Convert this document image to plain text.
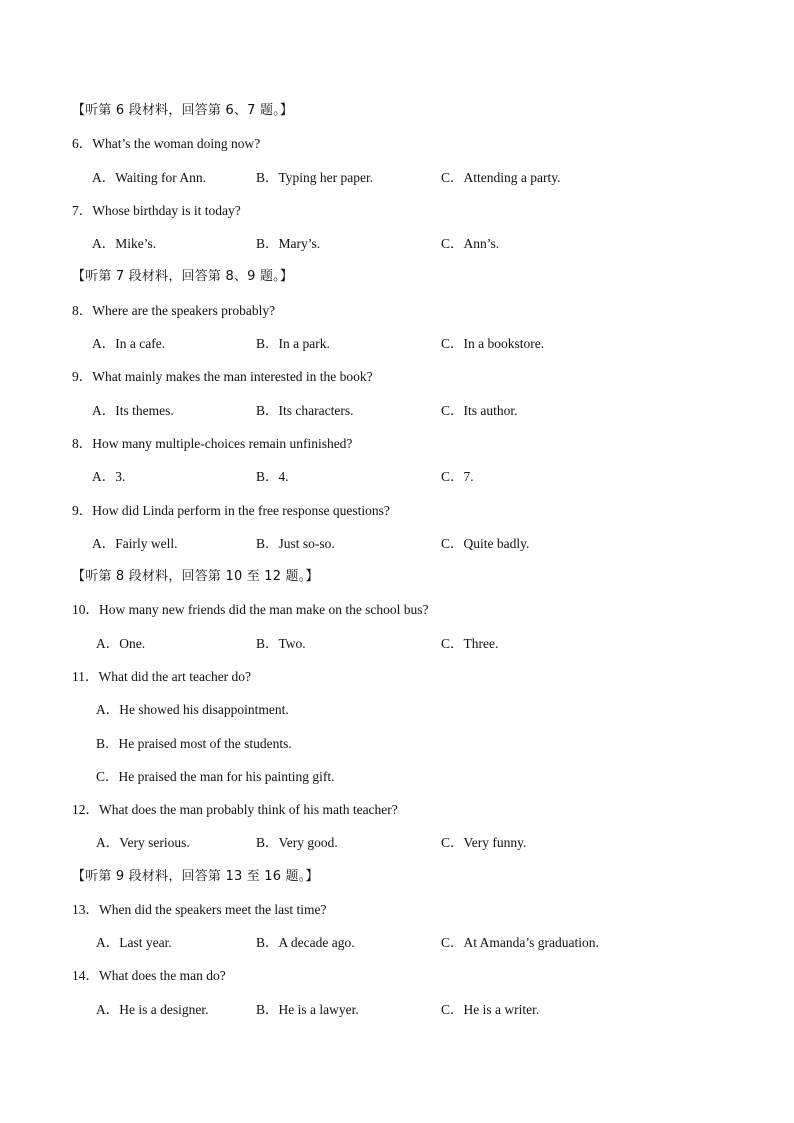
【听第 6 段材料，回答第 6、7 题。】
6．What’s the woman doing now?
A．Waiting for Ann.	B．Typing her paper.	C．Attending a party.
7．Whose birthday is it today?
A．Mike’s.	B．Mary’s.	C．Ann’s.
【听第 7 段材料，回答第 8、9 题。】
8．Where are the speakers probably?
A．In a cafe.	B．In a park.	C．In a bookstore.
9．What mainly makes the man interested in the book?
A．Its themes.	B．Its characters.	C．Its author.
8．How many multiple-choices remain unfinished?
A．3.	B．4.	C．7.
9．How did Linda perform in the free response questions?
A．Fairly well.	B．Just so-so.	C．Quite badly.
【听第 8 段材料，回答第 10 至 12 题。】
10．How many new friends did the man make on the school bus?
A．One.	B．Two.	C．Three.
11．What did the art teacher do?
A．He showed his disappointment.
B．He praised most of the students.
C．He praised the man for his painting gift.
12．What does the man probably think of his math teacher?
A．Very serious.	B．Very good.	C．Very funny.
【听第 9 段材料，回答第 13 至 16 题。】
13．When did the speakers meet the last time?
A．Last year.	B．A decade ago.	C．At Amanda’s graduation.
14．What does the man do?
A．He is a designer.	B．He is a lawyer.	C．He is a writer.
